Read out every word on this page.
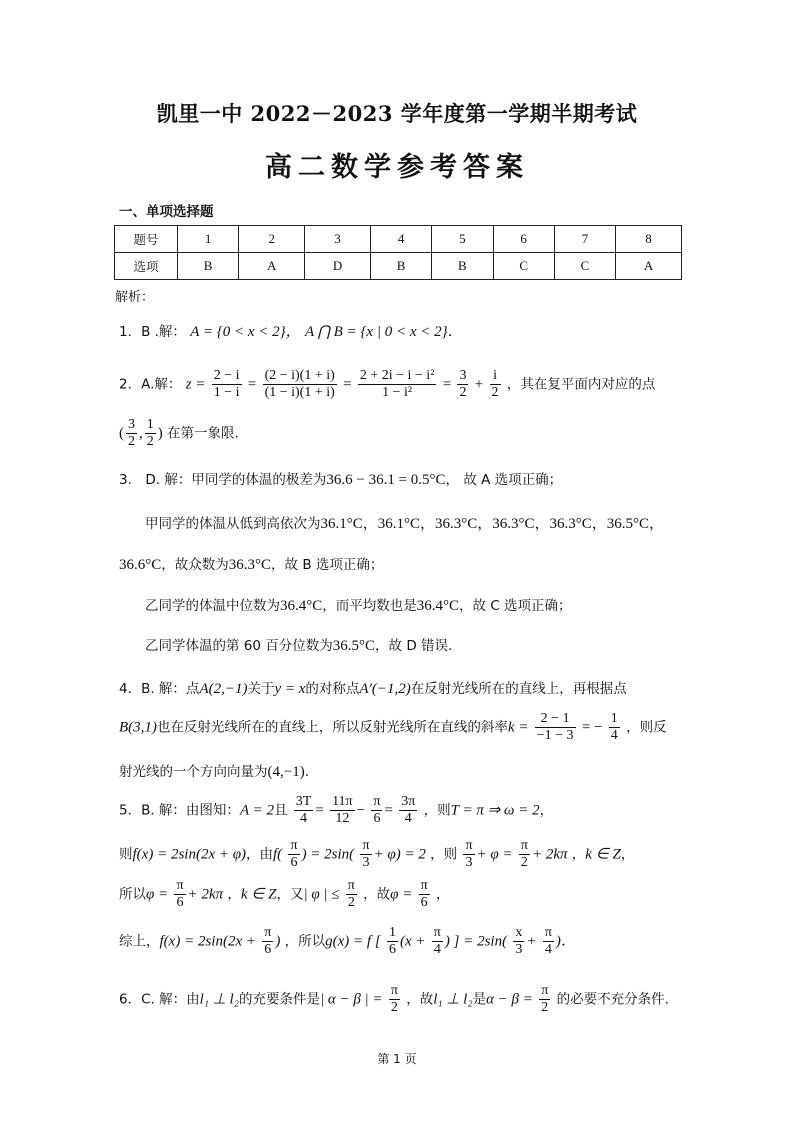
凯里一中 2022－2023 学年度第一学期半期考试
高二数学参考答案
一、单项选择题
题号	1	2	3	4	5	6	7	8
选项	B	A	D	B	B	C	C	A
解析：
1．B .解： A = {0 < x < 2}， A ⋂ B = {x | 0 < x < 2}．
2．A.解： $z = \frac{2 - i}{1 - i} = \frac{(2 - i)(1 + i)}{(1 - i)(1 + i)} = \frac{\text{2 + 2i − i − i²}}{\text{1 − i²}} = \frac{3}{2} + \frac{i}{2}$ ，其在复平面内对应的点
( $\frac{3}{2}$ , $\frac{1}{2}$ ) 在第一象限.
3． D. 解：甲同学的体温的极差为36.6 − 36.1 = 0.5°C， 故 A 选项正确；
甲同学的体温从低到高依次为36.1°C，36.1°C，36.3°C，36.3°C，36.3°C，36.5°C，
36.6°C，故众数为36.3°C，故 B 选项正确；
乙同学的体温中位数为36.4°C，而平均数也是36.4°C，故 C 选项正确；
乙同学体温的第 60 百分位数为36.5°C，故 D 错误.
4．B. 解：点A(2,−1)关于y = x的对称点A′(−1,2)在反射光线所在的直线上，再根据点
B(3,1)也在反射光线所在的直线上，所以反射光线所在直线的斜率$k = \frac{2 - 1}{-1 - 3}$ = − $\frac{1}{4}$ ，则反
射光线的一个方向向量为(4,−1).
5．B. 解：由图知：A = 2且 $\frac{3T}{4} = \frac{11\pi}{12} - \frac{\pi}{6} = \frac{3\pi}{4}$ ，则T = π ⇒ ω = 2，
则f(x) = 2sin(2x + φ)，由$f( \frac{\pi}{6}$ ) = $2\sin( \frac{\pi}{3} + \varphi) = 2$ ，则 $\frac{\pi}{3} + \varphi = \frac{\pi}{2} + 2k\pi$ ，k ∈ Z，
所以$\varphi = \frac{\pi}{6} + 2k\pi$ ，k ∈ Z，又| φ | ≤ $\frac{\pi}{2}$ ，故$\varphi = \frac{\pi}{6}$ ，
综上，$f(x) = 2\sin(2x + \frac{\pi}{6}$ ) ，所以g(x) = f [ $\frac{1}{6} (x + \frac{\pi}{4}$ ) ] = $2\sin( \frac{x}{3} + \frac{\pi}{4}$ )．
6．C. 解：由l₁ ⊥ l₂的充要条件是| α − β | = $\frac{\pi}{2}$ ，故l₁ ⊥ l₂是$\alpha - \beta = \frac{\pi}{2}$ 的必要不充分条件.
第 1 页
